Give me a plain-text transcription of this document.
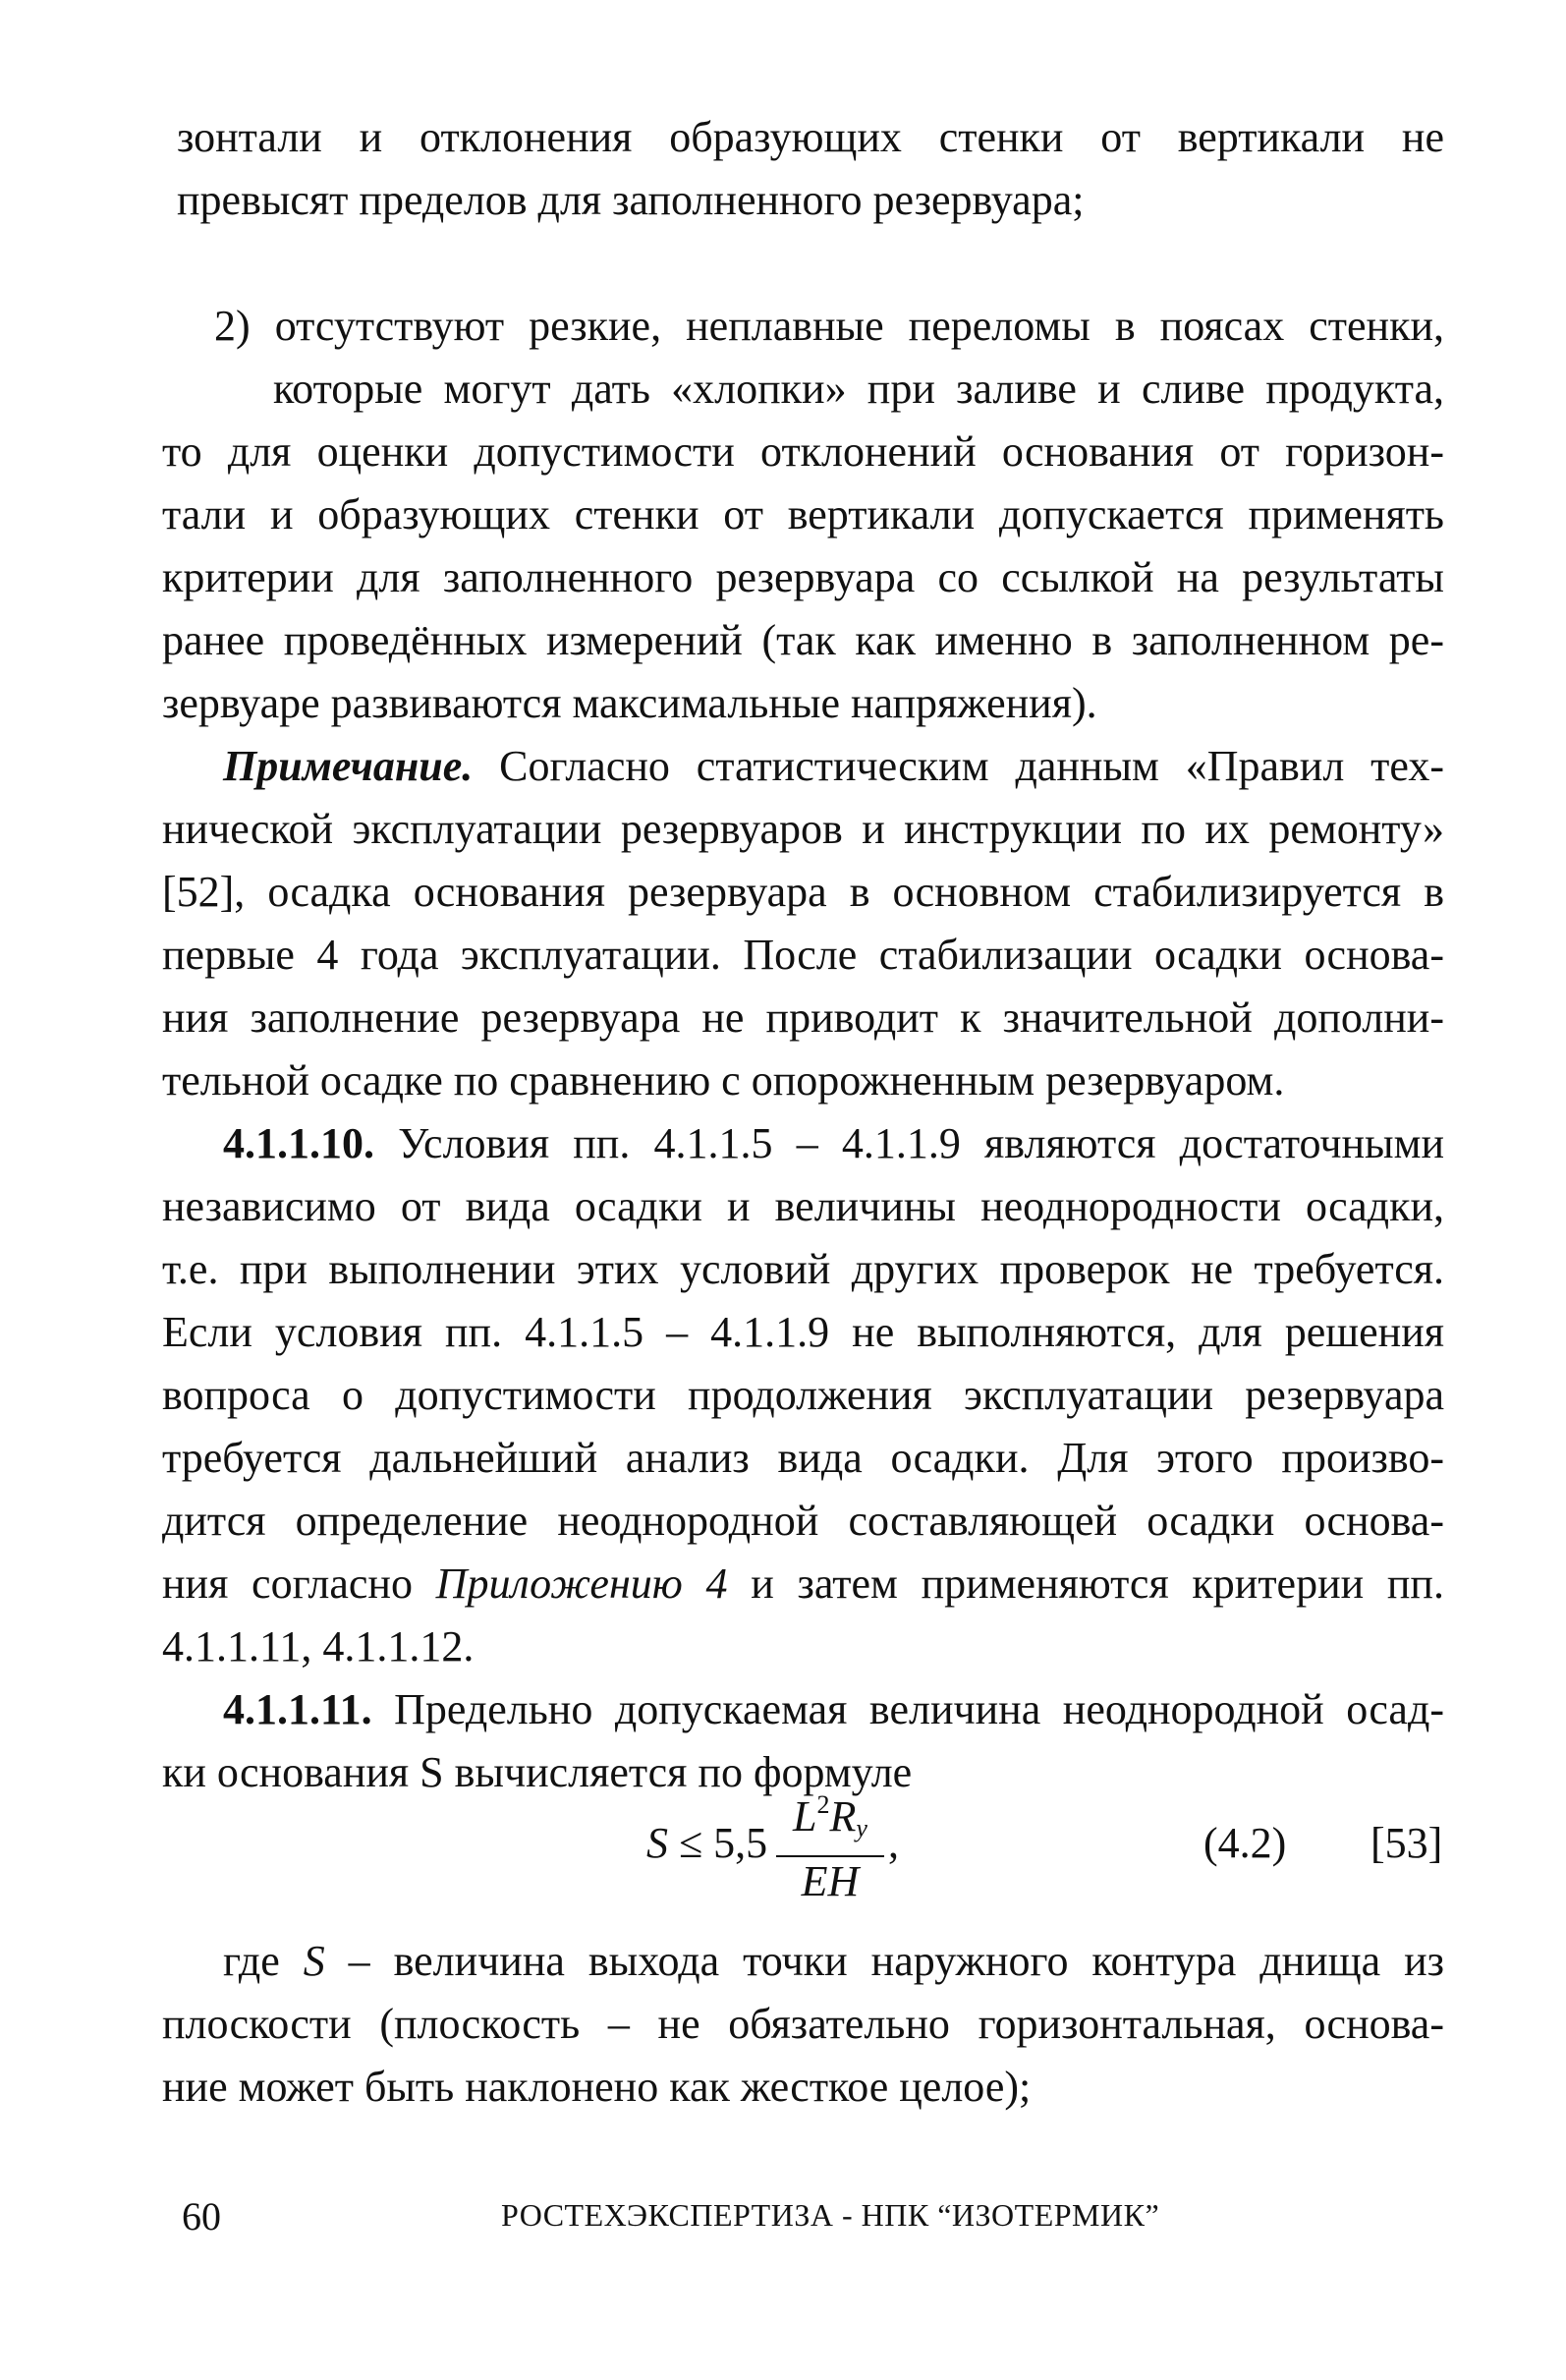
зонтали и отклонения образующих стенки от вертикали не
превысят пределов для заполненного резервуара;
2) отсутствуют резкие, неплавные переломы в поясах стенки,
которые могут дать «хлопки» при заливе и сливе продукта,
то для оценки допустимости отклонений основания от горизон-
тали и образующих стенки от вертикали допускается применять
критерии для заполненного резервуара со ссылкой на результаты
ранее проведённых измерений (так как именно в заполненном ре-
зервуаре развиваются максимальные напряжения).
Примечание. Согласно статистическим данным «Правил тех-
нической эксплуатации резервуаров и инструкции по их ремонту»
[52], осадка основания резервуара в основном стабилизируется в
первые 4 года эксплуатации. После стабилизации осадки основа-
ния заполнение резервуара не приводит к значительной дополни-
тельной осадке по сравнению с опорожненным резервуаром.
4.1.1.10. Условия пп. 4.1.1.5 – 4.1.1.9 являются достаточными
независимо от вида осадки и величины неоднородности осадки,
т.е. при выполнении этих условий других проверок не требуется.
Если условия пп. 4.1.1.5 – 4.1.1.9 не выполняются, для решения
вопроса о допустимости продолжения эксплуатации резервуара
требуется дальнейший анализ вида осадки. Для этого произво-
дится определение неоднородной составляющей осадки основа-
ния согласно Приложению 4 и затем применяются критерии пп.
4.1.1.11, 4.1.1.12.
4.1.1.11. Предельно допускаемая величина неоднородной осад-
ки основания S вычисляется по формуле
S ≤ 5,5
$L^2R_y$
EH
,	(4.2) [53]
где S – величина выхода точки наружного контура днища из
плоскости (плоскость – не обязательно горизонтальная, основа-
ние может быть наклонено как жесткое целое);
60	РОСТЕХЭКСПЕРТИЗА - НПК “ИЗОТЕРМИК”
